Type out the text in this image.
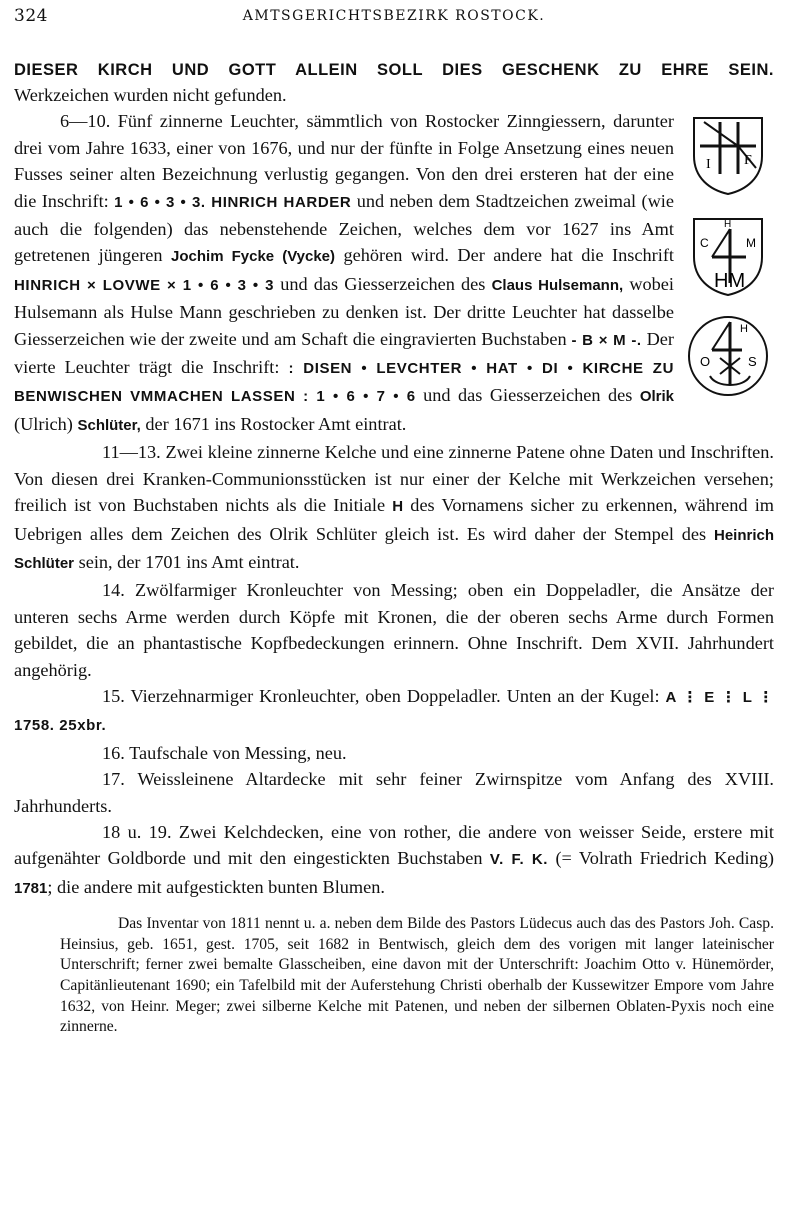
324	AMTSGERICHTSBEZIRK ROSTOCK.
DIESER KIRCH UND GOTT ALLEIN SOLL DIES GESCHENK ZU EHRE SEIN.

Werkzeichen wurden nicht gefunden.

I F
H
C	M
HM
H
O	S
6—10. Fünf zinnerne Leuchter, sämmtlich von Rostocker Zinngiessern, darunter drei vom Jahre 1633, einer von 1676, und nur der fünfte in Folge Ansetzung eines neuen Fusses seiner alten Bezeichnung verlustig gegangen. Von den drei ersteren hat der eine die Inschrift: 1 • 6 • 3 • 3. HINRICH HARDER und neben dem Stadtzeichen zweimal (wie auch die folgenden) das nebenstehende Zeichen, welches dem vor 1627 ins Amt getretenen jüngeren Jochim Fycke (Vycke) gehören wird. Der andere hat die Inschrift HINRICH × LOVWE × 1 • 6 • 3 • 3 und das Giesserzeichen des Claus Hulsemann, wobei Hulsemann als Hulse Mann geschrieben zu denken ist. Der dritte Leuchter hat dasselbe Giesserzeichen wie der zweite und am Schaft die eingravierten Buchstaben - B × M -. Der vierte Leuchter trägt die Inschrift: : DISEN • LEVCHTER • HAT • DI • KIRCHE ZU BENWISCHEN VMMACHEN LASSEN : 1 • 6 • 7 • 6 und das Giesserzeichen des Olrik (Ulrich) Schlüter, der 1671 ins Rostocker Amt eintrat.

11—13. Zwei kleine zinnerne Kelche und eine zinnerne Patene ohne Daten und Inschriften. Von diesen drei Kranken-Communionsstücken ist nur einer der Kelche mit Werkzeichen versehen; freilich ist von Buchstaben nichts als die Initiale H des Vornamens sicher zu erkennen, während im Uebrigen alles dem Zeichen des Olrik Schlüter gleich ist. Es wird daher der Stempel des Heinrich Schlüter sein, der 1701 ins Amt eintrat.

14. Zwölfarmiger Kronleuchter von Messing; oben ein Doppeladler, die Ansätze der unteren sechs Arme werden durch Köpfe mit Kronen, die der oberen sechs Arme durch Formen gebildet, die an phantastische Kopfbedeckungen erinnern. Ohne Inschrift. Dem XVII. Jahrhundert angehörig.

15. Vierzehnarmiger Kronleuchter, oben Doppeladler. Unten an der Kugel: A ⋮ E ⋮ L ⋮ 1758. 25xbr.

16. Taufschale von Messing, neu.

17. Weissleinene Altardecke mit sehr feiner Zwirnspitze vom Anfang des XVIII. Jahrhunderts.

18 u. 19. Zwei Kelchdecken, eine von rother, die andere von weisser Seide, erstere mit aufgenähter Goldborde und mit den eingestickten Buchstaben V. F. K. (= Volrath Friedrich Keding) 1781; die andere mit aufgestickten bunten Blumen.

Das Inventar von 1811 nennt u. a. neben dem Bilde des Pastors Lüdecus auch das des Pastors Joh. Casp. Heinsius, geb. 1651, gest. 1705, seit 1682 in Bentwisch, gleich dem des vorigen mit langer lateinischer Unterschrift; ferner zwei bemalte Glasscheiben, eine davon mit der Unterschrift: Joachim Otto v. Hünemörder, Capitänlieutenant 1690; ein Tafelbild mit der Auferstehung Christi oberhalb der Kussewitzer Empore vom Jahre 1632, von Heinr. Meger; zwei silberne Kelche mit Patenen, und neben der silbernen Oblaten-Pyxis noch eine zinnerne.
